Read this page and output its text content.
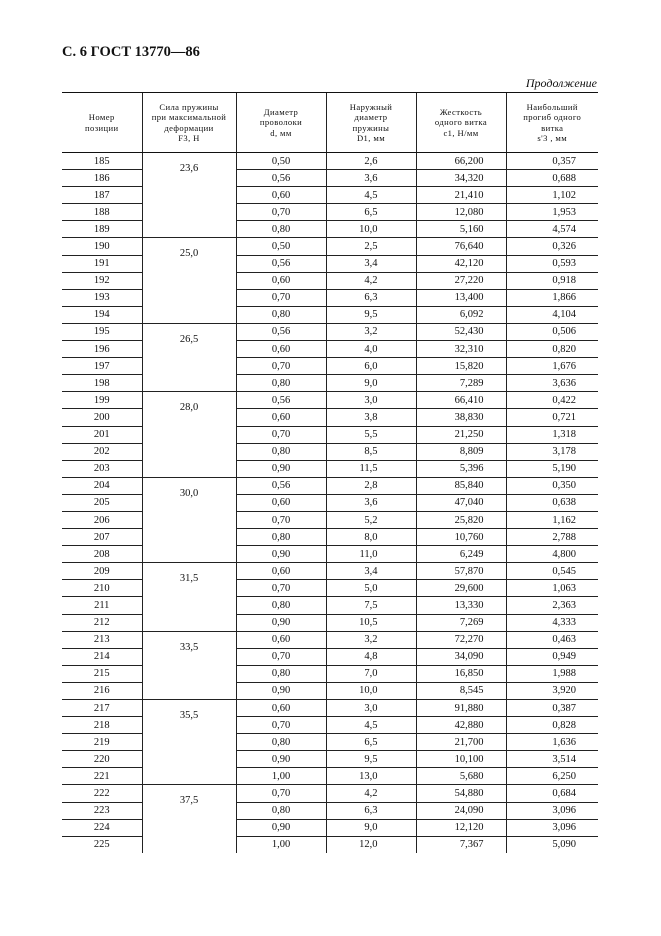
С. 6 ГОСТ 13770—86
Продолжение
Номер
позиции	Сила пружины
при максимальной
деформации
F3, Н	Диаметр
проволоки
d, мм	Наружный
диаметр
пружины
D1, мм	Жесткость
одного витка
c1, Н/мм	Наибольший
прогиб одного
витка
s'3 , мм
185	23,6	0,50	2,6	66,200	0,357
186		0,56	3,6	34,320	0,688
187		0,60	4,5	21,410	1,102
188		0,70	6,5	12,080	1,953
189		0,80	10,0	5,160	4,574
190	25,0	0,50	2,5	76,640	0,326
191		0,56	3,4	42,120	0,593
192		0,60	4,2	27,220	0,918
193		0,70	6,3	13,400	1,866
194		0,80	9,5	6,092	4,104
195	26,5	0,56	3,2	52,430	0,506
196		0,60	4,0	32,310	0,820
197		0,70	6,0	15,820	1,676
198		0,80	9,0	7,289	3,636
199	28,0	0,56	3,0	66,410	0,422
200		0,60	3,8	38,830	0,721
201		0,70	5,5	21,250	1,318
202		0,80	8,5	8,809	3,178
203		0,90	11,5	5,396	5,190
204	30,0	0,56	2,8	85,840	0,350
205		0,60	3,6	47,040	0,638
206		0,70	5,2	25,820	1,162
207		0,80	8,0	10,760	2,788
208		0,90	11,0	6,249	4,800
209	31,5	0,60	3,4	57,870	0,545
210		0,70	5,0	29,600	1,063
211		0,80	7,5	13,330	2,363
212		0,90	10,5	7,269	4,333
213	33,5	0,60	3,2	72,270	0,463
214		0,70	4,8	34,090	0,949
215		0,80	7,0	16,850	1,988
216		0,90	10,0	8,545	3,920
217	35,5	0,60	3,0	91,880	0,387
218		0,70	4,5	42,880	0,828
219		0,80	6,5	21,700	1,636
220		0,90	9,5	10,100	3,514
221		1,00	13,0	5,680	6,250
222	37,5	0,70	4,2	54,880	0,684
223		0,80	6,3	24,090	3,096
224		0,90	9,0	12,120	3,096
225		1,00	12,0	7,367	5,090
